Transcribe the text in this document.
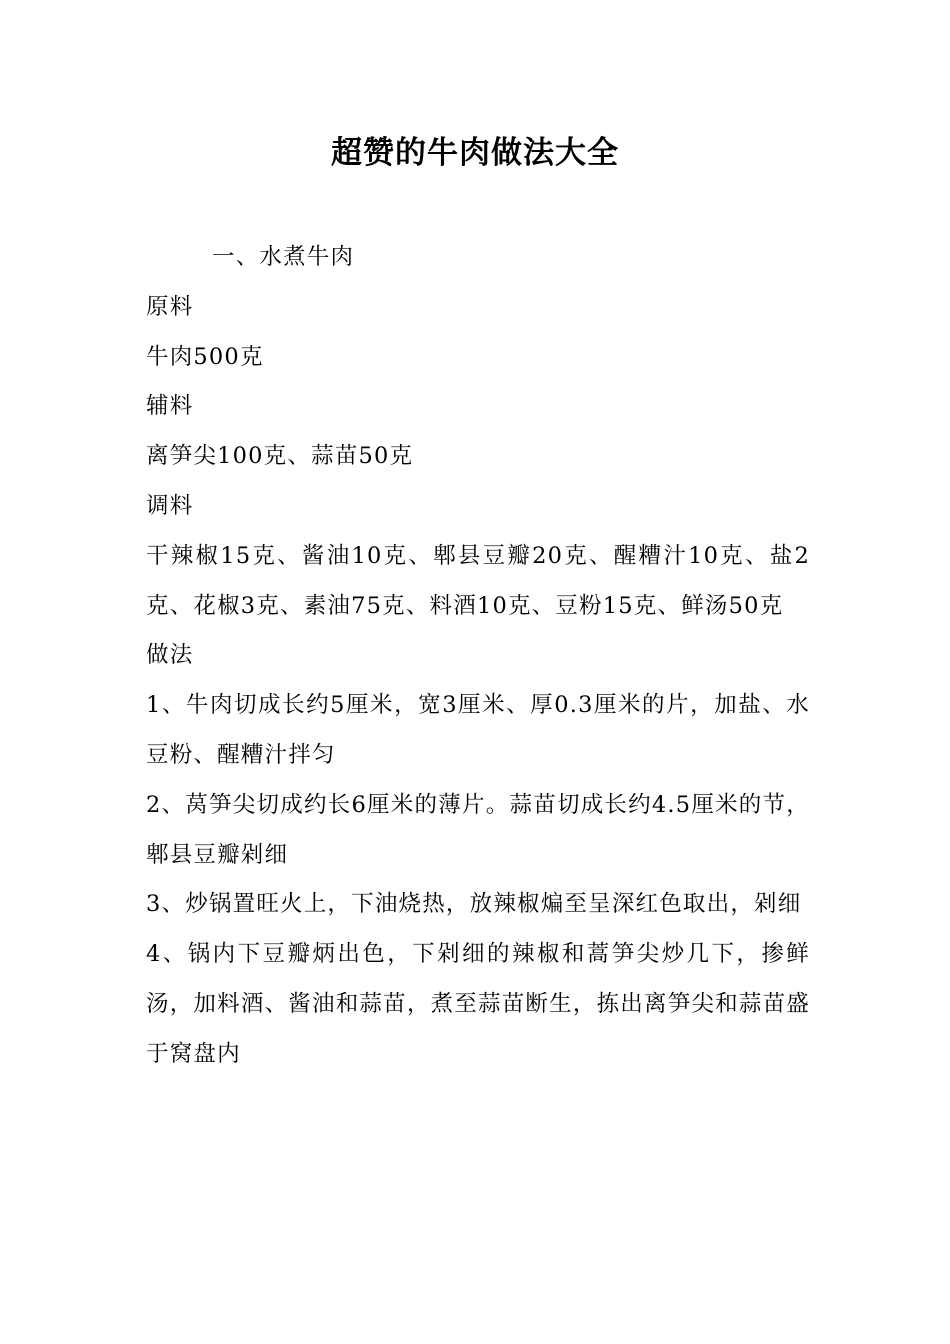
超赞的牛肉做法大全

一、水煮牛肉

原料

牛肉500克

辅料

离笋尖100克、蒜苗50克

调料

干辣椒15克、酱油10克、郫县豆瓣20克、醒糟汁10克、盐2克、花椒3克、素油75克、料酒10克、豆粉15克、鲜汤50克

做法

1、牛肉切成长约5厘米，宽3厘米、厚0.3厘米的片，加盐、水豆粉、醒糟汁拌匀

2、莴笋尖切成约长6厘米的薄片。蒜苗切成长约4.5厘米的节，郫县豆瓣剁细

3、炒锅置旺火上，下油烧热，放辣椒煸至呈深红色取出，剁细

4、锅内下豆瓣炳出色，下剁细的辣椒和蒿笋尖炒几下，掺鲜汤，加料酒、酱油和蒜苗，煮至蒜苗断生，拣出离笋尖和蒜苗盛于窝盘内
